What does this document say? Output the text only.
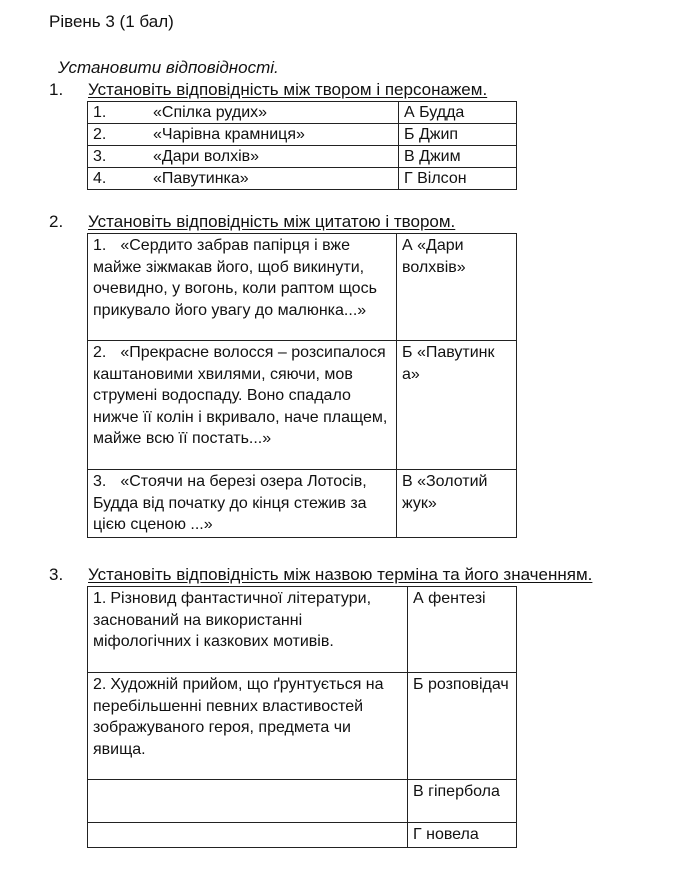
Рівень 3 (1 бал)
Установити відповідності.
1. Установіть відповідність між твором і персонажем.
1. «Спілка рудих»	А Будда
2. «Чарівна крамниця»	Б Джип
3. «Дари волхів»	В Джим
4. «Павутинка»	Г Вілсон
2. Установіть відповідність між цитатою і твором.
1. «Сердито забрав папірця і вже майже зіжмакав його, щоб викинути, очевидно, у вогонь, коли раптом щось прикувало його увагу до малюнка...»	А «Дари волхвів»
2. «Прекрасне волосся – розсипалося каштановими хвилями, сяючи, мов струмені водоспаду. Воно спадало нижче її колін і вкривало, наче плащем, майже всю її постать...»	Б «Павутинка»
3. «Стоячи на березі озера Лотосів, Будда від початку до кінця стежив за цією сценою ...»	В «Золотий жук»
3. Установіть відповідність між назвою терміна та його значенням.
1. Різновид фантастичної літератури, заснований на використанні міфологічних і казкових мотивів.	А фентезі
2. Художній прийом, що ґрунтується на перебільшенні певних властивостей зображуваного героя, предмета чи явища.	Б розповідач
	В гіпербола
	Г новела
